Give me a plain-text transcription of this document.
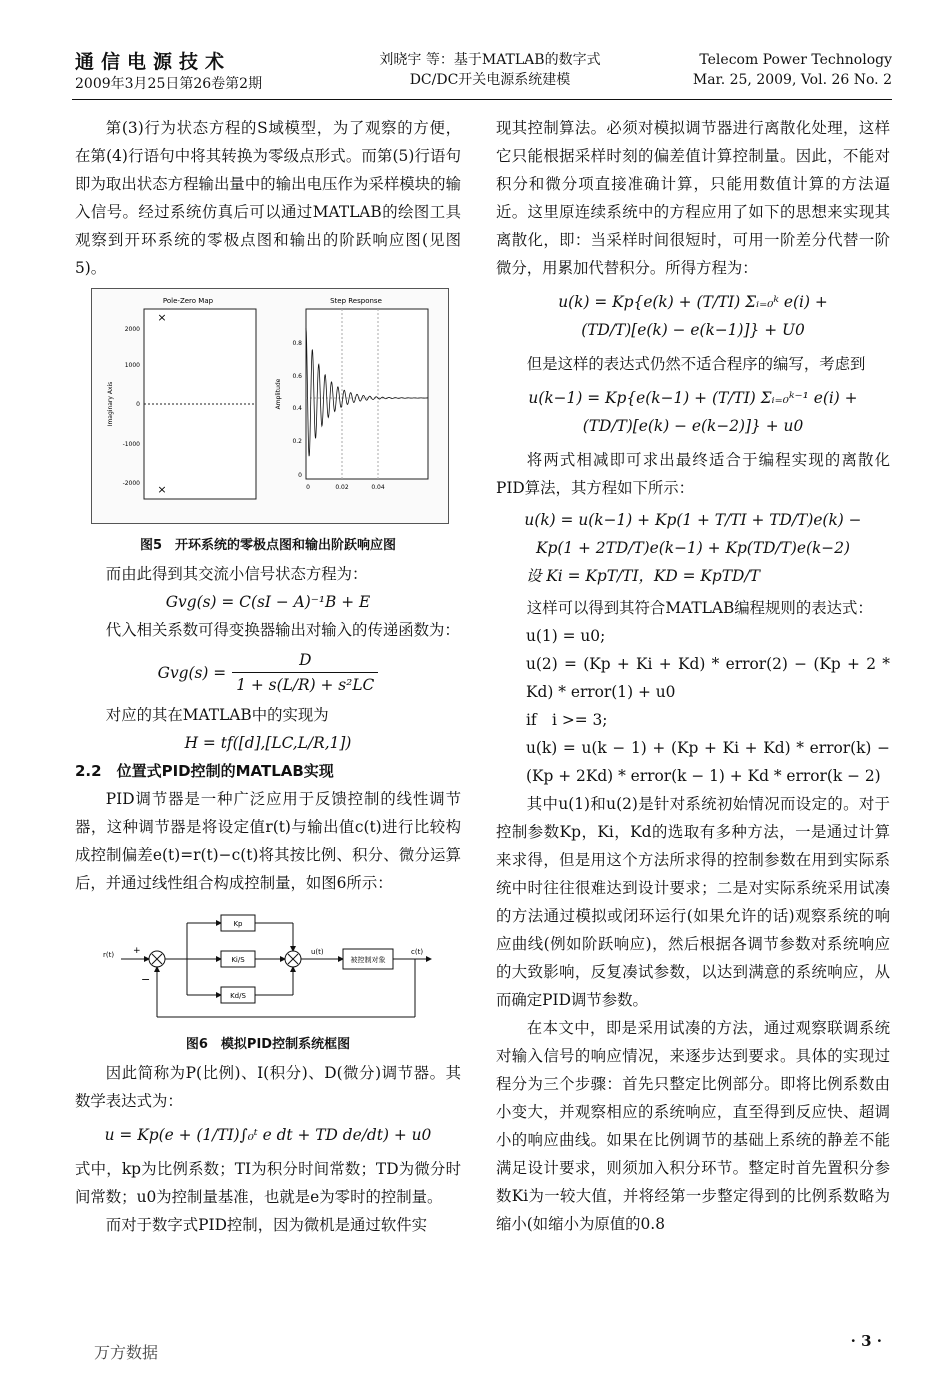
通信电源技术
2009年3月25日第26卷第2期
刘晓宇 等：基于MATLAB的数字式
DC/DC开关电源系统建模
Telecom Power Technology
Mar. 25, 2009, Vol. 26 No. 2

第(3)行为状态方程的S域模型，为了观察的方便，在第(4)行语句中将其转换为零级点形式。而第(5)行语句即为取出状态方程输出量中的输出电压作为采样模块的输入信号。经过系统仿真后可以通过MATLAB的绘图工具观察到开环系统的零极点图和输出的阶跃响应图(见图5)。

Pole-Zero Map
Imaginary Axis
2000
1000
0
-1000
-2000
×
×
Step Response
Amplitude
0.8
0.6
0.4
0.2
0
0	0.02	0.04

图5　开环系统的零极点图和输出阶跃响应图

而由此得到其交流小信号状态方程为：

Gvg(s) = C(sI − A)⁻¹B + E

代入相关系数可得变换器输出对输入的传递函数为：

$Gvg(s) = \frac{D}{\text{1 + s(L/R) + s²LC}}$

对应的其在MATLAB中的实现为

H = tf([d],[LC,L/R,1])

2.2　位置式PID控制的MATLAB实现

PID调节器是一种广泛应用于反馈控制的线性调节器，这种调节器是将设定值r(t)与输出值c(t)进行比较构成控制偏差e(t)=r(t)−c(t)将其按比例、积分、微分运算后，并通过线性组合构成控制量，如图6所示：

r(t) +
−
Kp
Ki/S
Kd/S
u(t)
被控制对象
c(t)

图6　模拟PID控制系统框图

因此简称为P(比例)、I(积分)、D(微分)调节器。其数学表达式为：

u = Kp(e + (1/TI)∫₀ᵗ e dt + TD de/dt) + u0

式中，kp为比例系数；TI为积分时间常数；TD为微分时间常数；u0为控制量基准，也就是e为零时的控制量。

而对于数字式PID控制，因为微机是通过软件实

现其控制算法。必须对模拟调节器进行离散化处理，这样它只能根据采样时刻的偏差值计算控制量。因此，不能对积分和微分项直接准确计算，只能用数值计算的方法逼近。这里原连续系统中的方程应用了如下的思想来实现其离散化，即：当采样时间很短时，可用一阶差分代替一阶微分，用累加代替积分。所得方程为：

u(k) = Kp{e(k) + (T/TI) Σᵢ₌₀ᵏ e(i) +

(TD/T)[e(k) − e(k−1)]} + U0

但是这样的表达式仍然不适合程序的编写，考虑到

u(k−1) = Kp{e(k−1) + (T/TI) Σᵢ₌₀ᵏ⁻¹ e(i) +

(TD/T)[e(k) − e(k−2)]} + u0

将两式相减即可求出最终适合于编程实现的离散化PID算法，其方程如下所示：

u(k) = u(k−1) + Kp(1 + T/TI + TD/T)e(k) −

Kp(1 + 2TD/T)e(k−1) + Kp(TD/T)e(k−2)

设 Ki = KpT/TI，KD = KpTD/T

这样可以得到其符合MATLAB编程规则的表达式：

u(1) = u0;

u(2) = (Kp + Ki + Kd) * error(2) − (Kp + 2 * Kd) * error(1) + u0

if　i >= 3;

u(k) = u(k − 1) + (Kp + Ki + Kd) * error(k) − (Kp + 2Kd) * error(k − 1) + Kd * error(k − 2)

其中u(1)和u(2)是针对系统初始情况而设定的。对于控制参数Kp，Ki，Kd的选取有多种方法，一是通过计算来求得，但是用这个方法所求得的控制参数在用到实际系统中时往往很难达到设计要求；二是对实际系统采用试凑的方法通过模拟或闭环运行(如果允许的话)观察系统的响应曲线(例如阶跃响应)，然后根据各调节参数对系统响应的大致影响，反复凑试参数，以达到满意的系统响应，从而确定PID调节参数。

在本文中，即是采用试凑的方法，通过观察联调系统对输入信号的响应情况，来逐步达到要求。具体的实现过程分为三个步骤：首先只整定比例部分。即将比例系数由小变大，并观察相应的系统响应，直至得到反应快、超调小的响应曲线。如果在比例调节的基础上系统的静差不能满足设计要求，则须加入积分环节。整定时首先置积分参数Ki为一较大值，并将经第一步整定得到的比例系数略为缩小(如缩小为原值的0.8

万方数据
· 3 ·
